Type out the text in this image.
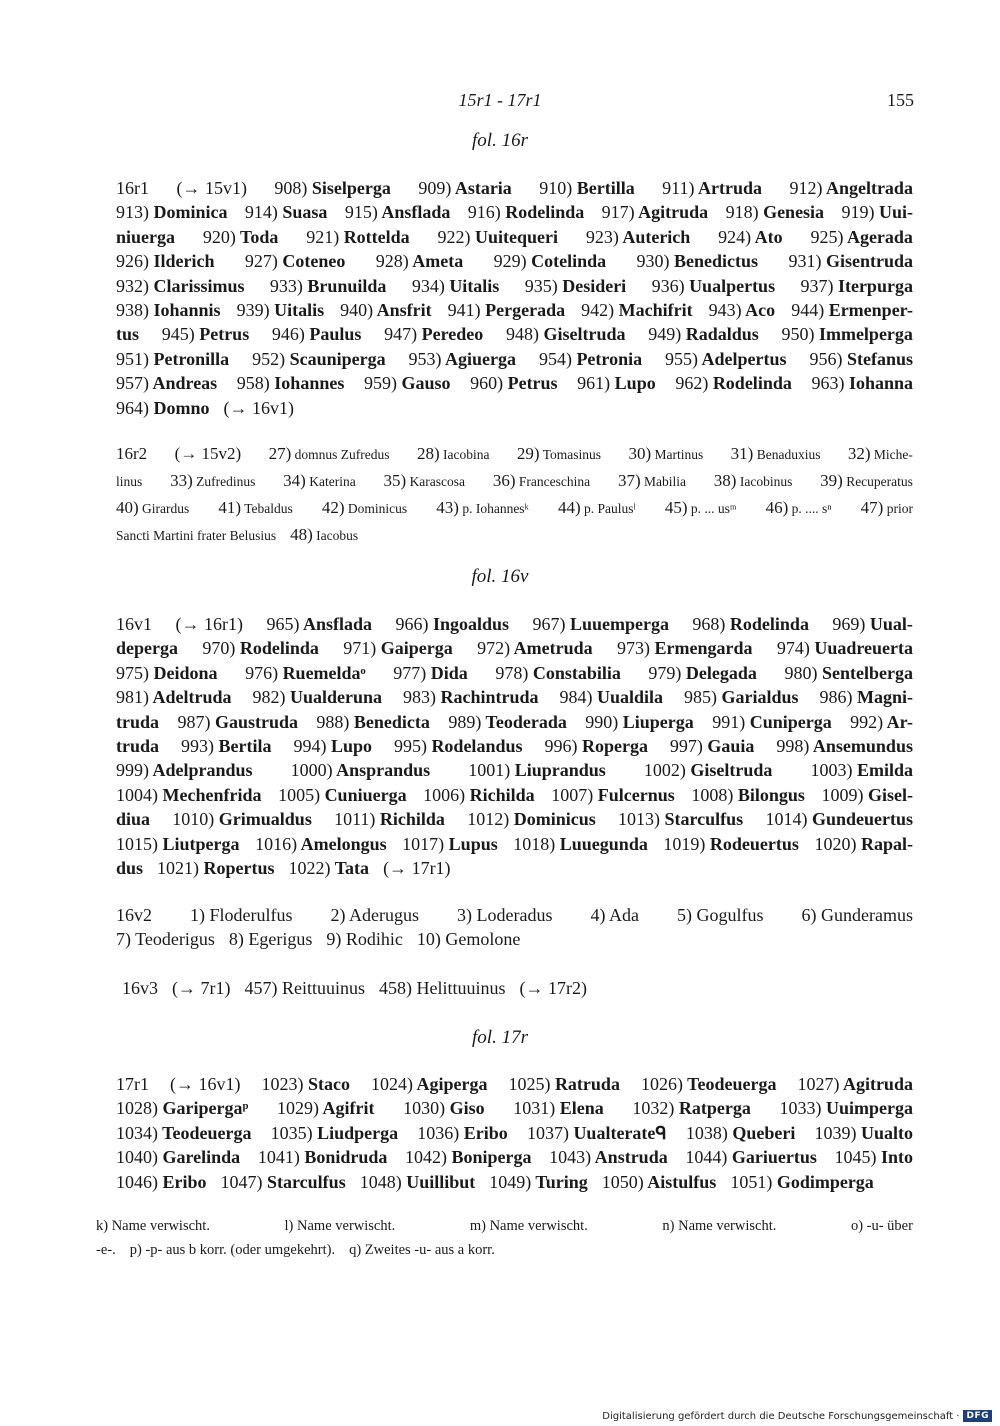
15r1 - 17r1	155
fol. 16r
16r1 (→ 15v1) 908) Siselperga 909) Astaria 910) Bertilla 911) Artruda 912) Angeltrada
913) Dominica 914) Suasa 915) Ansflada 916) Rodelinda 917) Agitruda 918) Genesia 919) Uui-
niuerga 920) Toda 921) Rottelda 922) Uuitequeri 923) Auterich 924) Ato 925) Agerada
926) Ilderich 927) Coteneo 928) Ameta 929) Cotelinda 930) Benedictus 931) Gisentruda
932) Clarissimus 933) Brunuilda 934) Uitalis 935) Desideri 936) Uualpertus 937) Iterpurga
938) Iohannis 939) Uitalis 940) Ansfrit 941) Pergerada 942) Machifrit 943) Aco 944) Ermenper-
tus 945) Petrus 946) Paulus 947) Peredeo 948) Giseltruda 949) Radaldus 950) Immelperga
951) Petronilla 952) Scauniperga 953) Agiuerga 954) Petronia 955) Adelpertus 956) Stefanus
957) Andreas 958) Iohannes 959) Gauso 960) Petrus 961) Lupo 962) Rodelinda 963) Iohanna
964) Domno (→ 16v1)
16r2 (→ 15v2) 27) domnus Zufredus 28) Iacobina 29) Tomasinus 30) Martinus 31) Benaduxius 32) Miche-
linus 33) Zufredinus 34) Katerina 35) Karascosa 36) Franceschina 37) Mabilia 38) Iacobinus 39) Recuperatus
40) Girardus 41) Tebaldus 42) Dominicus 43) p. Iohannesᵏ 44) p. Paulusˡ 45) p. ... usᵐ 46) p. .... sⁿ 47) prior
Sancti Martini frater Belusius 48) Iacobus
fol. 16v
16v1 (→ 16r1) 965) Ansflada 966) Ingoaldus 967) Luuemperga 968) Rodelinda 969) Uual-
deperga 970) Rodelinda 971) Gaiperga 972) Ametruda 973) Ermengarda 974) Uuadreuerta
975) Deidona 976) Ruemeldaᵒ 977) Dida 978) Constabilia 979) Delegada 980) Sentelberga
981) Adeltruda 982) Uualderuna 983) Rachintruda 984) Uualdila 985) Garialdus 986) Magni-
truda 987) Gaustruda 988) Benedicta 989) Teoderada 990) Liuperga 991) Cuniperga 992) Ar-
truda 993) Bertila 994) Lupo 995) Rodelandus 996) Roperga 997) Gauia 998) Ansemundus
999) Adelprandus 1000) Ansprandus 1001) Liuprandus 1002) Giseltruda 1003) Emilda
1004) Mechenfrida 1005) Cuniuerga 1006) Richilda 1007) Fulcernus 1008) Bilongus 1009) Gisel-
diua 1010) Grimualdus 1011) Richilda 1012) Dominicus 1013) Starculfus 1014) Gundeuertus
1015) Liutperga 1016) Amelongus 1017) Lupus 1018) Luuegunda 1019) Rodeuertus 1020) Rapal-
dus 1021) Ropertus 1022) Tata (→ 17r1)
16v2 1) Floderulfus 2) Aderugus 3) Loderadus 4) Ada 5) Gogulfus 6) Gunderamus
7) Teoderigus 8) Egerigus 9) Rodihic 10) Gemolone
16v3 (→ 7r1) 457) Reittuuinus 458) Helittuuinus (→ 17r2)
fol. 17r
17r1 (→ 16v1) 1023) Staco 1024) Agiperga 1025) Ratruda 1026) Teodeuerga 1027) Agitruda
1028) Garipergaᵖ 1029) Agifrit 1030) Giso 1031) Elena 1032) Ratperga 1033) Uuimperga
1034) Teodeuerga 1035) Liudperga 1036) Eribo 1037) Uualterateᑫ 1038) Queberi 1039) Uualto
1040) Garelinda 1041) Bonidruda 1042) Boniperga 1043) Anstruda 1044) Gariuertus 1045) Into
1046) Eribo 1047) Starculfus 1048) Uuillibut 1049) Turing 1050) Aistulfus 1051) Godimperga
k) Name verwischt.	l) Name verwischt.	m) Name verwischt.	n) Name verwischt.	o) -u- über
-e-. p) -p- aus b korr. (oder umgekehrt). q) Zweites -u- aus a korr.
Digitalisierung gefördert durch die Deutsche Forschungsgemeinschaft · DFG
